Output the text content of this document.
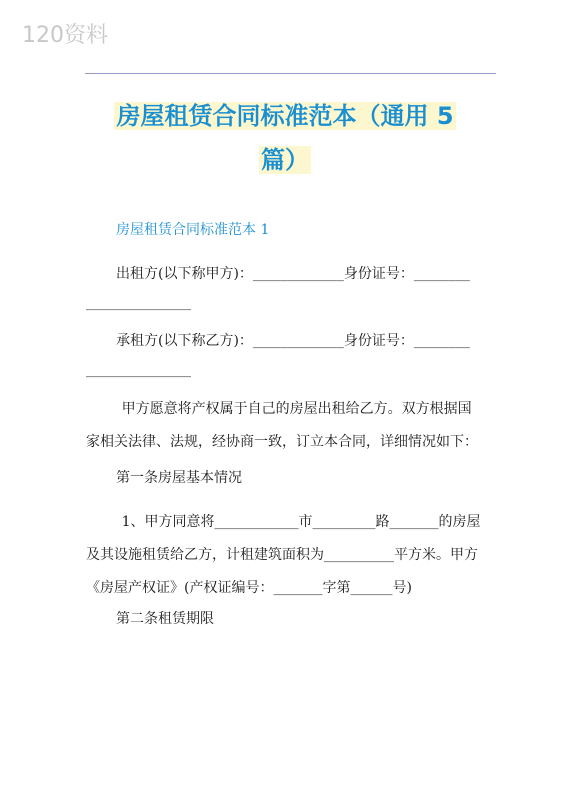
120资料
房屋租赁合同标准范本（通用 5
篇）
房屋租赁合同标准范本 1
出租方(以下称甲方)：_____________身份证号：________
_______________
承租方(以下称乙方)：_____________身份证号：________
_______________
甲方愿意将产权属于自己的房屋出租给乙方。双方根据国家相关法律、法规，经协商一致，订立本合同，详细情况如下：
第一条房屋基本情况
1、甲方同意将____________市_________路_______的房屋及其设施租赁给乙方，计租建筑面积为__________平方米。甲方《房屋产权证》(产权证编号：_______字第______号)
第二条租赁期限
